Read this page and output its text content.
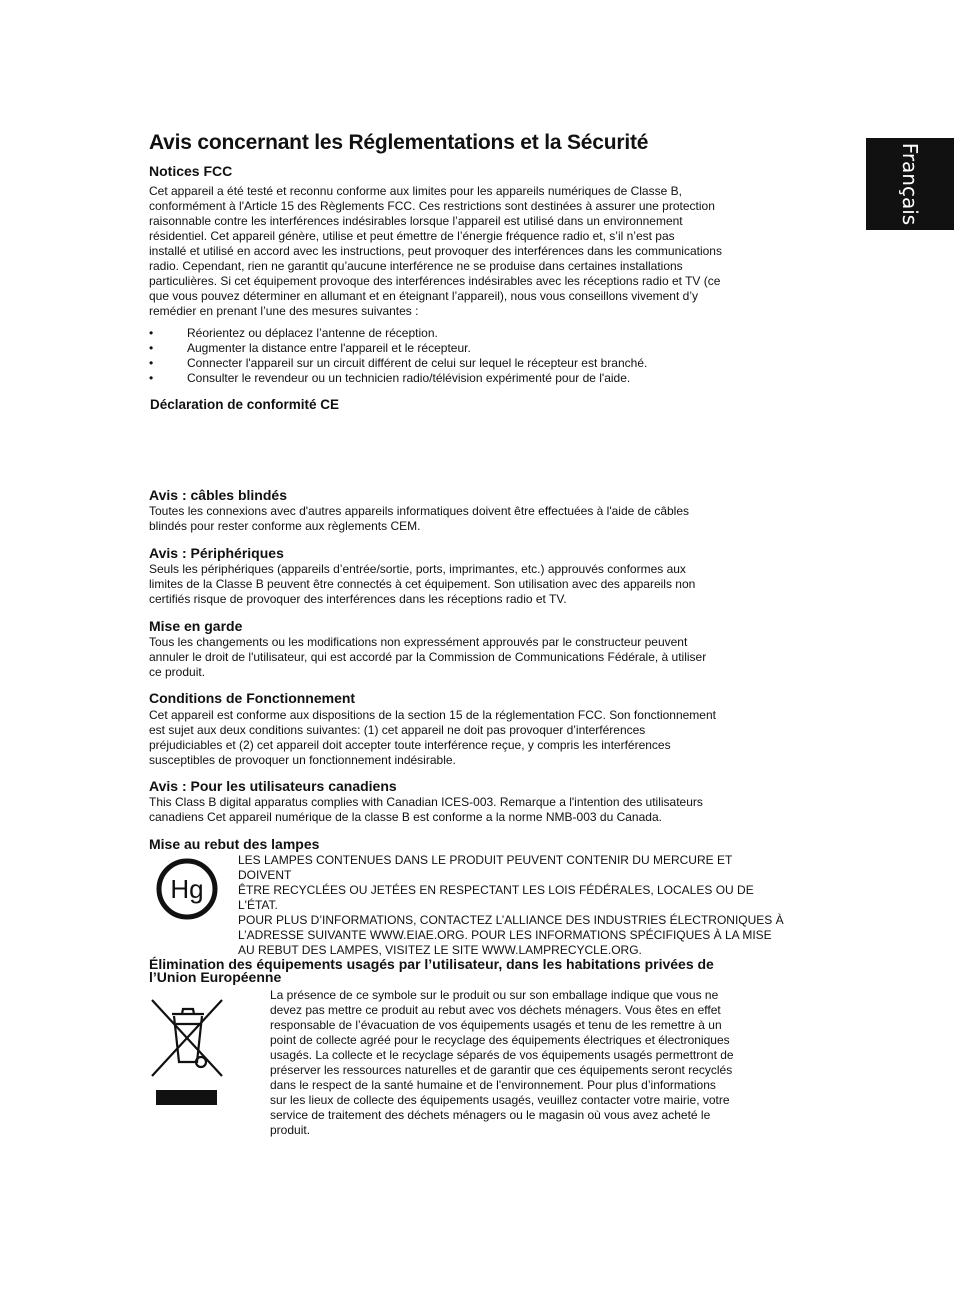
Français
Avis concernant les Réglementations et la Sécurité
Notices FCC
Cet appareil a été testé et reconnu conforme aux limites pour les appareils numériques de Classe B,
conformément à l'Article 15 des Règlements FCC. Ces restrictions sont destinées à assurer une protection
raisonnable contre les interférences indésirables lorsque l’appareil est utilisé dans un environnement
résidentiel. Cet appareil génère, utilise et peut émettre de l’énergie fréquence radio et, s’il n’est pas
installé et utilisé en accord avec les instructions, peut provoquer des interférences dans les communications
radio. Cependant, rien ne garantit qu’aucune interférence ne se produise dans certaines installations
particulières. Si cet équipement provoque des interférences indésirables avec les réceptions radio et TV (ce
que vous pouvez déterminer en allumant et en éteignant l’appareil), nous vous conseillons vivement d’y
remédier en prenant l’une des mesures suivantes :
• Réorientez ou déplacez l’antenne de réception.
• Augmenter la distance entre l'appareil et le récepteur.
• Connecter l'appareil sur un circuit différent de celui sur lequel le récepteur est branché.
• Consulter le revendeur ou un technicien radio/télévision expérimenté pour de l'aide.
Déclaration de conformité CE
Avis : câbles blindés
Toutes les connexions avec d'autres appareils informatiques doivent être effectuées à l'aide de câbles
blindés pour rester conforme aux règlements CEM.
Avis : Périphériques
Seuls les périphériques (appareils d’entrée/sortie, ports, imprimantes, etc.) approuvés conformes aux
limites de la Classe B peuvent être connectés à cet équipement. Son utilisation avec des appareils non
certifiés risque de provoquer des interférences dans les réceptions radio et TV.
Mise en garde
Tous les changements ou les modifications non expressément approuvés par le constructeur peuvent
annuler le droit de l'utilisateur, qui est accordé par la Commission de Communications Fédérale, à utiliser
ce produit.
Conditions de Fonctionnement
Cet appareil est conforme aux dispositions de la section 15 de la réglementation FCC. Son fonctionnement
est sujet aux deux conditions suivantes: (1) cet appareil ne doit pas provoquer d’interférences
préjudiciables et (2) cet appareil doit accepter toute interférence reçue, y compris les interférences
susceptibles de provoquer un fonctionnement indésirable.
Avis : Pour les utilisateurs canadiens
This Class B digital apparatus complies with Canadian ICES-003. Remarque a l'intention des utilisateurs
canadiens Cet appareil numérique de la classe B est conforme a la norme NMB-003 du Canada.
Mise au rebut des lampes
Hg
LES LAMPES CONTENUES DANS LE PRODUIT PEUVENT CONTENIR DU MERCURE ET DOIVENT
ÊTRE RECYCLÉES OU JETÉES EN RESPECTANT LES LOIS FÉDÉRALES, LOCALES OU DE L'ÉTAT.
POUR PLUS D’INFORMATIONS, CONTACTEZ L’ALLIANCE DES INDUSTRIES ÉLECTRONIQUES À
L’ADRESSE SUIVANTE WWW.EIAE.ORG. POUR LES INFORMATIONS SPÉCIFIQUES À LA MISE
AU REBUT DES LAMPES, VISITEZ LE SITE WWW.LAMPRECYCLE.ORG.
Élimination des équipements usagés par l’utilisateur, dans les habitations privées de
l’Union Européenne
La présence de ce symbole sur le produit ou sur son emballage indique que vous ne
devez pas mettre ce produit au rebut avec vos déchets ménagers. Vous êtes en effet
responsable de l’évacuation de vos équipements usagés et tenu de les remettre à un
point de collecte agréé pour le recyclage des équipements électriques et électroniques
usagés. La collecte et le recyclage séparés de vos équipements usagés permettront de
préserver les ressources naturelles et de garantir que ces équipements seront recyclés
dans le respect de la santé humaine et de l'environnement. Pour plus d’informations
sur les lieux de collecte des équipements usagés, veuillez contacter votre mairie, votre
service de traitement des déchets ménagers ou le magasin où vous avez acheté le
produit.
